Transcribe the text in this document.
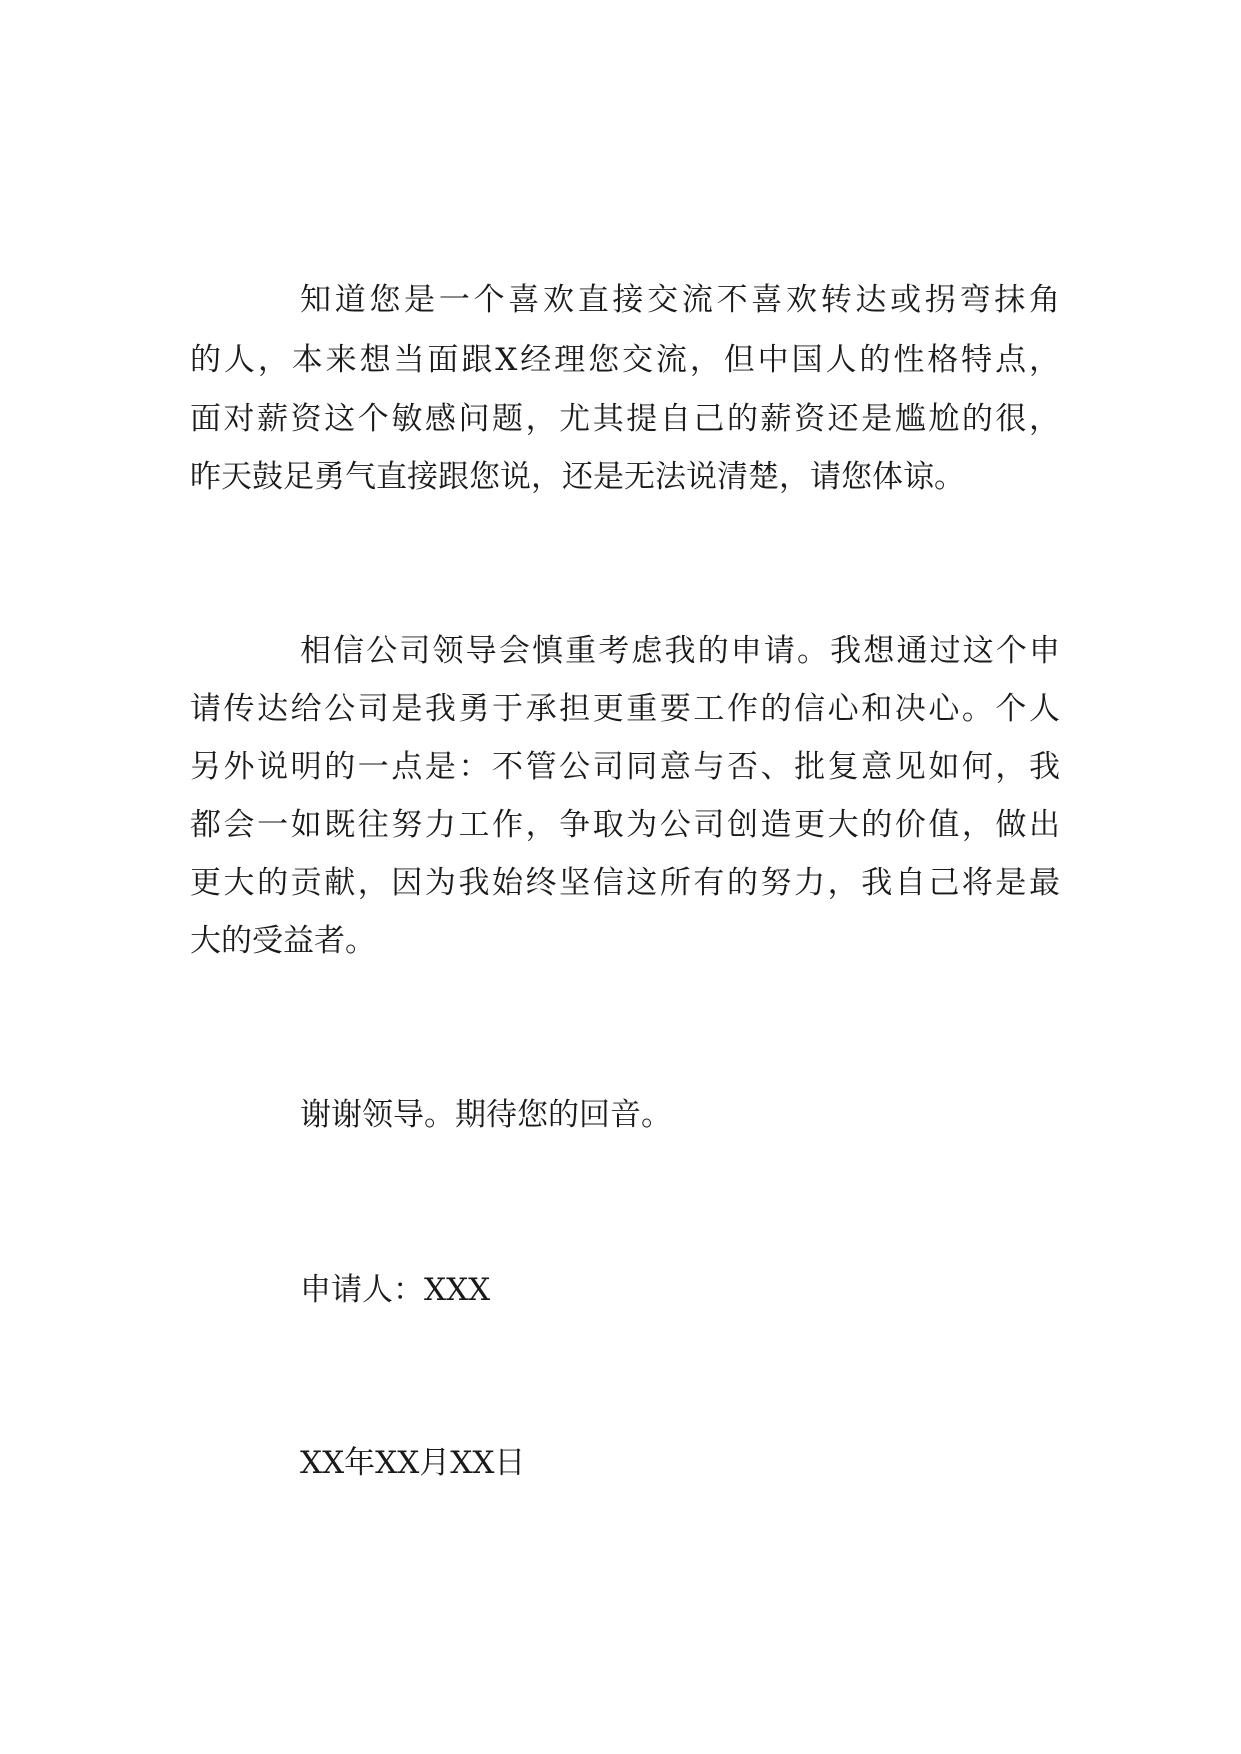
知道您是一个喜欢直接交流不喜欢转达或拐弯抹角
的人，本来想当面跟X经理您交流，但中国人的性格特点，
面对薪资这个敏感问题，尤其提自己的薪资还是尴尬的很，
昨天鼓足勇气直接跟您说，还是无法说清楚，请您体谅。
相信公司领导会慎重考虑我的申请。我想通过这个申
请传达给公司是我勇于承担更重要工作的信心和决心。个人
另外说明的一点是：不管公司同意与否、批复意见如何，我
都会一如既往努力工作，争取为公司创造更大的价值，做出
更大的贡献，因为我始终坚信这所有的努力，我自己将是最
大的受益者。
谢谢领导。期待您的回音。
申请人：XXX
XX年XX月XX日
